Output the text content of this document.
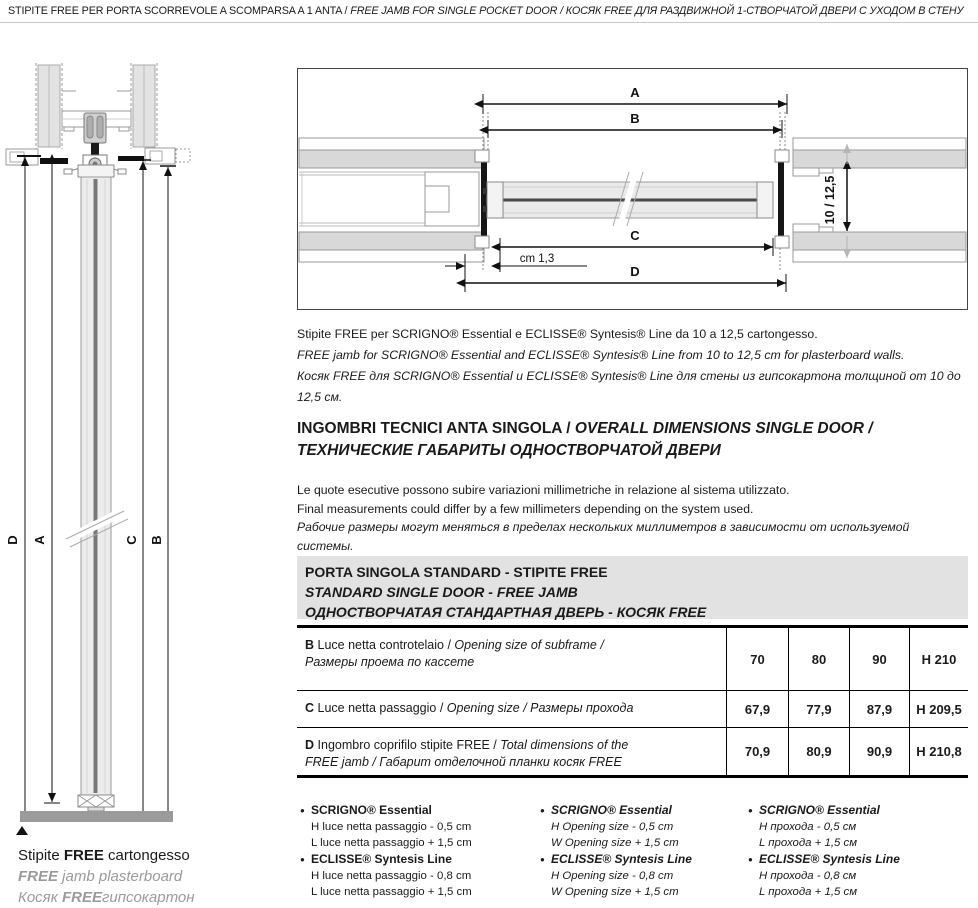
STIPITE FREE PER PORTA SCORREVOLE A SCOMPARSA A 1 ANTA / FREE JAMB FOR SINGLE POCKET DOOR / КОСЯК FREE ДЛЯ РАЗДВИЖНОЙ 1-СТВОРЧАТОЙ ДВЕРИ С УХОДОМ В СТЕНУ
D A	C B
A
B
C
D
cm 1,3
10 / 12,5
Stipite FREE per SCRIGNO® Essential e ECLISSE® Syntesis® Line da 10 a 12,5 cartongesso.
FREE jamb for SCRIGNO® Essential and ECLISSE® Syntesis® Line from 10 to 12,5 cm for plasterboard walls.
Косяк FREE для SCRIGNO® Essential и ECLISSE® Syntesis® Line для стены из гипсокартона толщиной от 10 до 12,5 см.
INGOMBRI TECNICI ANTA SINGOLA / OVERALL DIMENSIONS SINGLE DOOR /
ТЕХНИЧЕСКИЕ ГАБАРИТЫ ОДНОСТВОРЧАТОЙ ДВЕРИ
Le quote esecutive possono subire variazioni millimetriche in relazione al sistema utilizzato.
Final measurements could differ by a few millimeters depending on the system used.
Рабочие размеры могут меняться в пределах нескольких миллиметров в зависимости от используемой системы.
PORTA SINGOLA STANDARD - STIPITE FREE
STANDARD SINGLE DOOR - FREE JAMB
ОДНОСТВОРЧАТАЯ СТАНДАРТНАЯ ДВЕРЬ - КОСЯК FREE
B Luce netta controtelaio / Opening size of subframe /
Размеры проема по кассете	70	80	90	H 210
C Luce netta passaggio / Opening size / Размеры прохода	67,9	77,9	87,9	H 209,5
D Ingombro coprifilo stipite FREE / Total dimensions of the
FREE jamb / Габарит отделочной планки косяк FREE
70,9	80,9	90,9	H 210,8
● SCRIGNO® Essential
H luce netta passaggio - 0,5 cm
L luce netta passaggio + 1,5 cm
● ECLISSE® Syntesis Line
H luce netta passaggio - 0,8 cm
L luce netta passaggio + 1,5 cm
● SCRIGNO® Essential
H Opening size - 0,5 cm
W Opening size + 1,5 cm
● ECLISSE® Syntesis Line
H Opening size - 0,8 cm
W Opening size + 1,5 cm
● SCRIGNO® Essential
H прохода - 0,5 см
L прохода + 1,5 см
● ECLISSE® Syntesis Line
H прохода - 0,8 см
L прохода + 1,5 см
Stipite FREE cartongesso
FREE jamb plasterboard
Косяк FREEгипсокартон
